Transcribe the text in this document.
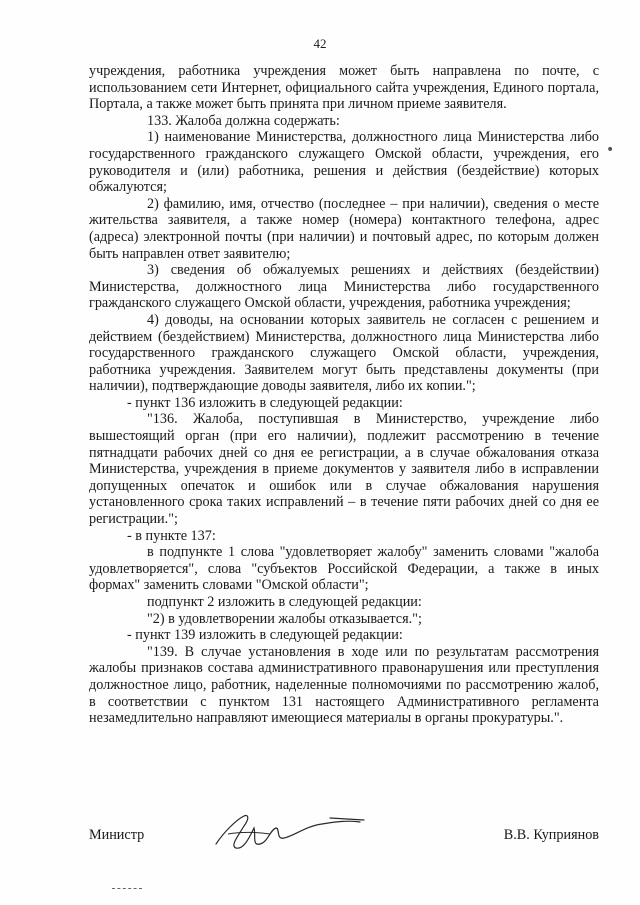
42
•

учреждения, работника учреждения может быть направлена по почте, с использованием сети Интернет, официального сайта учреждения, Единого портала, Портала, а также может быть принята при личном приеме заявителя.

133. Жалоба должна содержать:

1) наименование Министерства, должностного лица Министерства либо государственного гражданского служащего Омской области, учреждения, его руководителя и (или) работника, решения и действия (бездействие) которых обжалуются;

2) фамилию, имя, отчество (последнее – при наличии), сведения о месте жительства заявителя, а также номер (номера) контактного телефона, адрес (адреса) электронной почты (при наличии) и почтовый адрес, по которым должен быть направлен ответ заявителю;

3) сведения об обжалуемых решениях и действиях (бездействии) Министерства, должностного лица Министерства либо государственного гражданского служащего Омской области, учреждения, работника учреждения;

4) доводы, на основании которых заявитель не согласен с решением и действием (бездействием) Министерства, должностного лица Министерства либо государственного гражданского служащего Омской области, учреждения, работника учреждения. Заявителем могут быть представлены документы (при наличии), подтверждающие доводы заявителя, либо их копии.";

- пункт 136 изложить в следующей редакции:

"136. Жалоба, поступившая в Министерство, учреждение либо вышестоящий орган (при его наличии), подлежит рассмотрению в течение пятнадцати рабочих дней со дня ее регистрации, а в случае обжалования отказа Министерства, учреждения в приеме документов у заявителя либо в исправлении допущенных опечаток и ошибок или в случае обжалования нарушения установленного срока таких исправлений – в течение пяти рабочих дней со дня ее регистрации.";

- в пункте 137:

в подпункте 1 слова "удовлетворяет жалобу" заменить словами "жалоба удовлетворяется", слова "субъектов Российской Федерации, а также в иных формах" заменить словами "Омской области";

подпункт 2 изложить в следующей редакции:

"2) в удовлетворении жалобы отказывается.";

- пункт 139 изложить в следующей редакции:

"139. В случае установления в ходе или по результатам рассмотрения жалобы признаков состава административного правонарушения или преступления должностное лицо, работник, наделенные полномочиями по рассмотрению жалоб, в соответствии с пунктом 131 настоящего Административного регламента незамедлительно направляют имеющиеся материалы в органы прокуратуры.".

Министр	В.В. Куприянов
